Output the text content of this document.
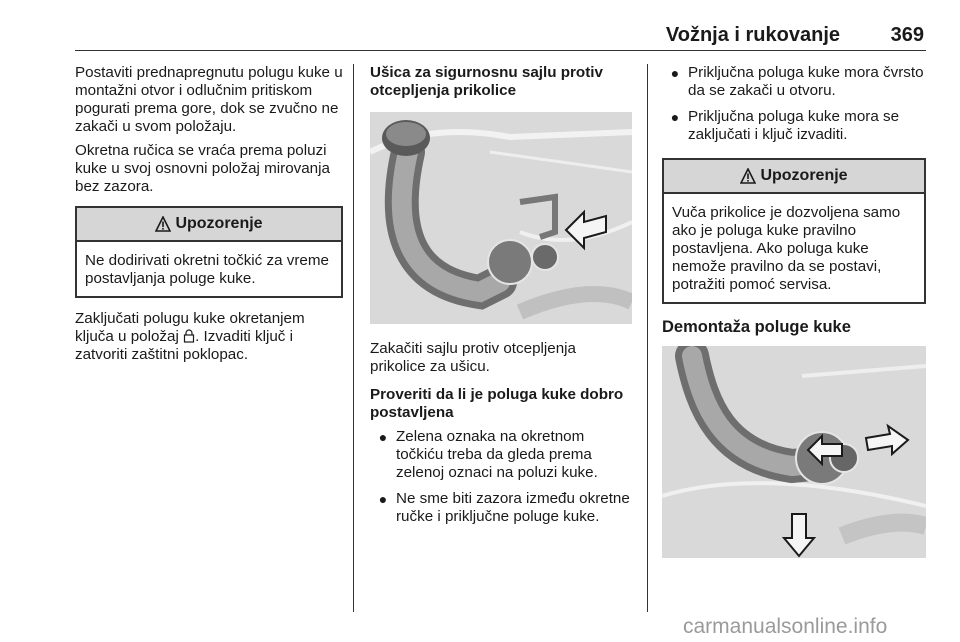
Vožnja i rukovanje	369

Postaviti prednapregnutu polugu kuke u montažni otvor i odlučnim pritiskom pogurati prema gore, dok se zvučno ne zakači u svom položaju.

Okretna ručica se vraća prema poluzi kuke u svoj osnovni položaj mirovanja bez zazora.

Upozorenje
Ne dodirivati okretni točkić za vreme postavljanja poluge kuke.

Zaključati polugu kuke okretanjem ključa u položaj . Izvaditi ključ i zatvoriti zaštitni poklopac.

Ušica za sigurnosnu sajlu protiv otcepljenja prikolice

Zakačiti sajlu protiv otcepljenja prikolice za ušicu.

Proveriti da li je poluga kuke dobro postavljena

● Zelena oznaka na okretnom točkiću treba da gleda prema zelenoj oznaci na poluzi kuke.
● Ne sme biti zazora između okretne ručke i priključne poluge kuke.
● Priključna poluga kuke mora čvrsto da se zakači u otvoru.
● Priključna poluga kuke mora se zaključati i ključ izvaditi.
Upozorenje
Vuča prikolice je dozvoljena samo ako je poluga kuke pravilno postavljena. Ako poluga kuke nemože pravilno da se postavi, potražiti pomoć servisa.
Demontaža poluge kuke
carmanualsonline.info
